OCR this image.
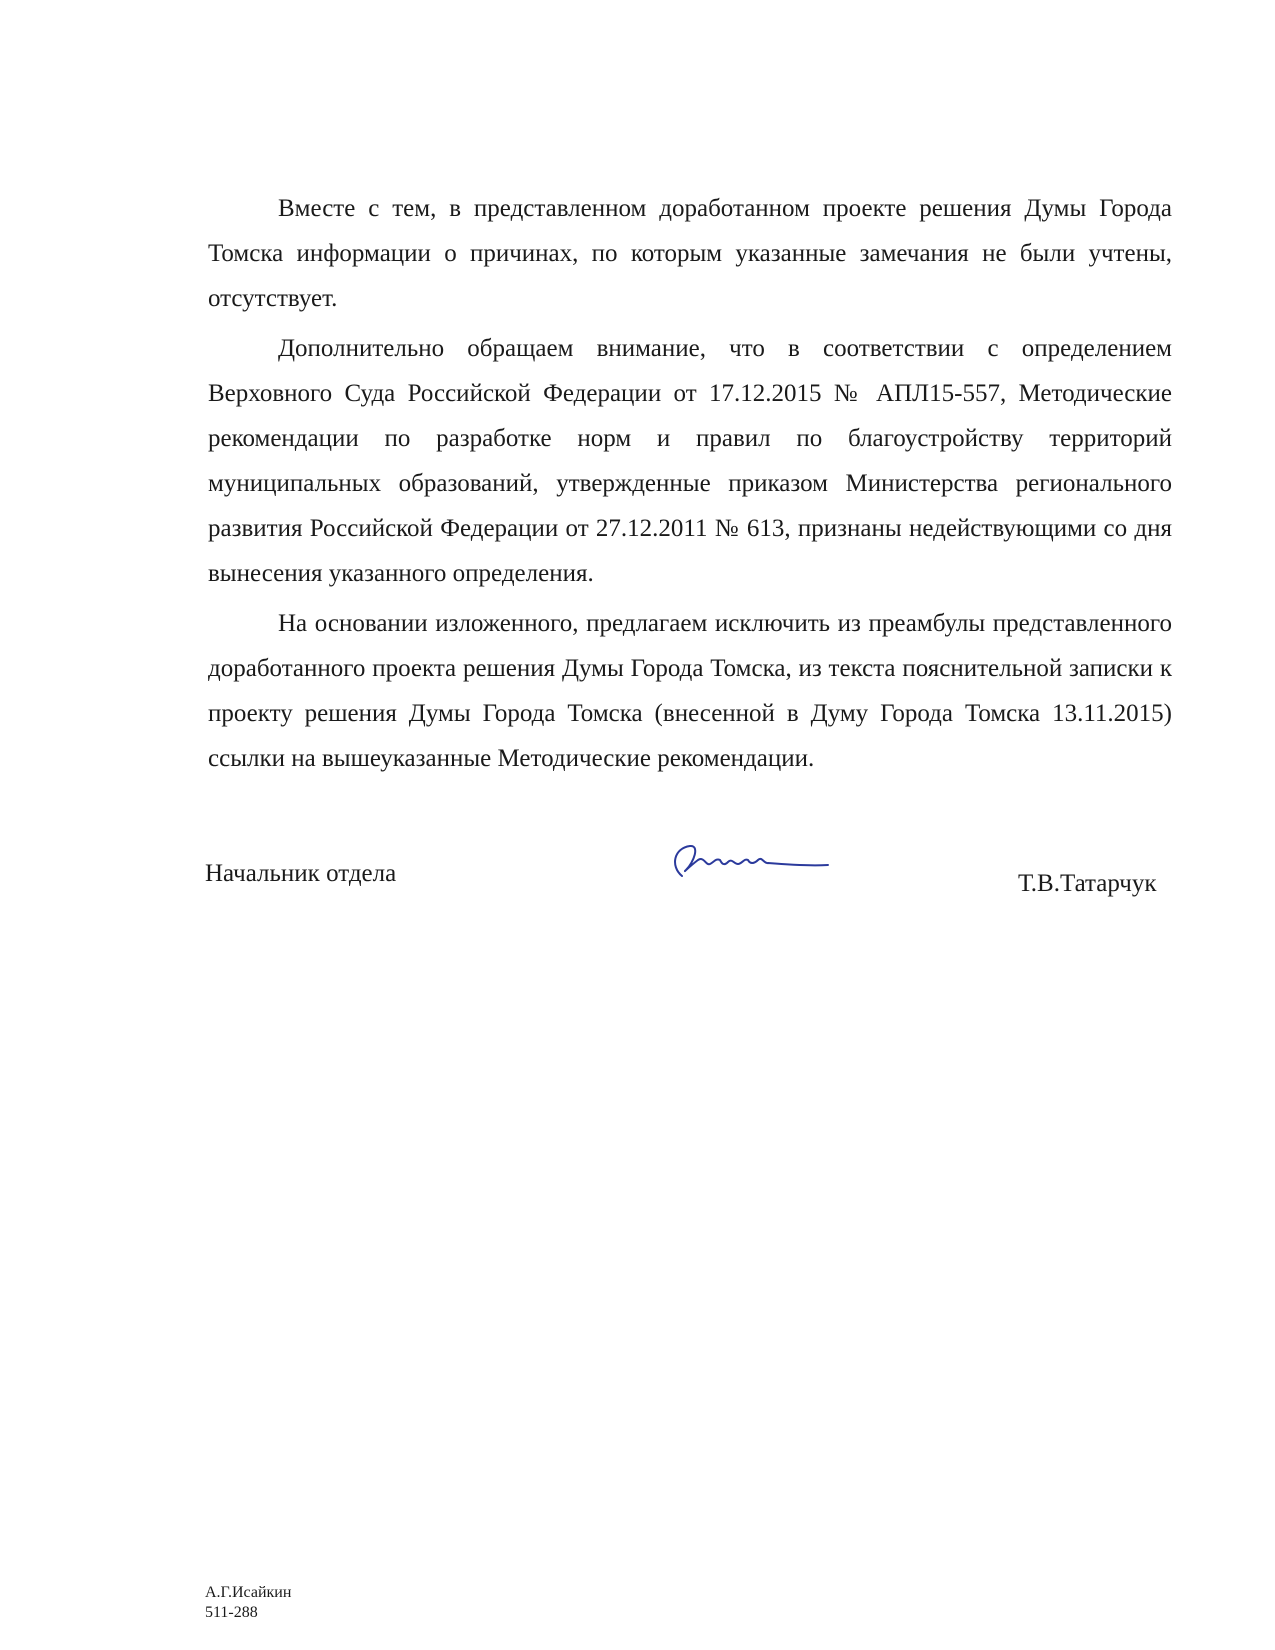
Вместе с тем, в представленном доработанном проекте решения Думы Города Томска информации о причинах, по которым указанные замечания не были учтены, отсутствует.

Дополнительно обращаем внимание, что в соответствии с определением Верховного Суда Российской Федерации от 17.12.2015 № АПЛ15-557, Методические рекомендации по разработке норм и правил по благоустройству территорий муниципальных образований, утвержденные приказом Министерства регионального развития Российской Федерации от 27.12.2011 № 613, признаны недействующими со дня вынесения указанного определения.

На основании изложенного, предлагаем исключить из преамбулы представленного доработанного проекта решения Думы Города Томска, из текста пояснительной записки к проекту решения Думы Города Томска (внесенной в Думу Города Томска 13.11.2015) ссылки на вышеуказанные Методические рекомендации.

Начальник отдела	Т.В.Татарчук
А.Г.Исайкин
511-288
